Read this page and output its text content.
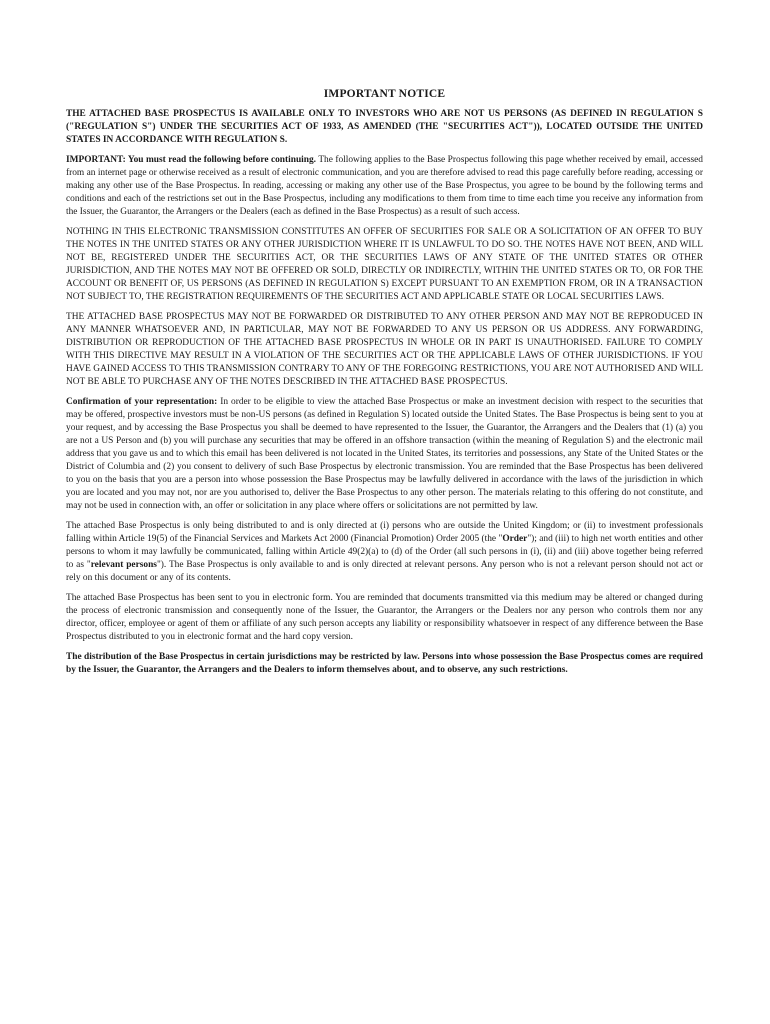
IMPORTANT NOTICE

THE ATTACHED BASE PROSPECTUS IS AVAILABLE ONLY TO INVESTORS WHO ARE NOT US PERSONS (AS DEFINED IN REGULATION S ("REGULATION S") UNDER THE SECURITIES ACT OF 1933, AS AMENDED (THE "SECURITIES ACT")), LOCATED OUTSIDE THE UNITED STATES IN ACCORDANCE WITH REGULATION S.

IMPORTANT: You must read the following before continuing. The following applies to the Base Prospectus following this page whether received by email, accessed from an internet page or otherwise received as a result of electronic communication, and you are therefore advised to read this page carefully before reading, accessing or making any other use of the Base Prospectus. In reading, accessing or making any other use of the Base Prospectus, you agree to be bound by the following terms and conditions and each of the restrictions set out in the Base Prospectus, including any modifications to them from time to time each time you receive any information from the Issuer, the Guarantor, the Arrangers or the Dealers (each as defined in the Base Prospectus) as a result of such access.

NOTHING IN THIS ELECTRONIC TRANSMISSION CONSTITUTES AN OFFER OF SECURITIES FOR SALE OR A SOLICITATION OF AN OFFER TO BUY THE NOTES IN THE UNITED STATES OR ANY OTHER JURISDICTION WHERE IT IS UNLAWFUL TO DO SO. THE NOTES HAVE NOT BEEN, AND WILL NOT BE, REGISTERED UNDER THE SECURITIES ACT, OR THE SECURITIES LAWS OF ANY STATE OF THE UNITED STATES OR OTHER JURISDICTION, AND THE NOTES MAY NOT BE OFFERED OR SOLD, DIRECTLY OR INDIRECTLY, WITHIN THE UNITED STATES OR TO, OR FOR THE ACCOUNT OR BENEFIT OF, US PERSONS (AS DEFINED IN REGULATION S) EXCEPT PURSUANT TO AN EXEMPTION FROM, OR IN A TRANSACTION NOT SUBJECT TO, THE REGISTRATION REQUIREMENTS OF THE SECURITIES ACT AND APPLICABLE STATE OR LOCAL SECURITIES LAWS.

THE ATTACHED BASE PROSPECTUS MAY NOT BE FORWARDED OR DISTRIBUTED TO ANY OTHER PERSON AND MAY NOT BE REPRODUCED IN ANY MANNER WHATSOEVER AND, IN PARTICULAR, MAY NOT BE FORWARDED TO ANY US PERSON OR US ADDRESS. ANY FORWARDING, DISTRIBUTION OR REPRODUCTION OF THE ATTACHED BASE PROSPECTUS IN WHOLE OR IN PART IS UNAUTHORISED. FAILURE TO COMPLY WITH THIS DIRECTIVE MAY RESULT IN A VIOLATION OF THE SECURITIES ACT OR THE APPLICABLE LAWS OF OTHER JURISDICTIONS. IF YOU HAVE GAINED ACCESS TO THIS TRANSMISSION CONTRARY TO ANY OF THE FOREGOING RESTRICTIONS, YOU ARE NOT AUTHORISED AND WILL NOT BE ABLE TO PURCHASE ANY OF THE NOTES DESCRIBED IN THE ATTACHED BASE PROSPECTUS.

Confirmation of your representation: In order to be eligible to view the attached Base Prospectus or make an investment decision with respect to the securities that may be offered, prospective investors must be non-US persons (as defined in Regulation S) located outside the United States. The Base Prospectus is being sent to you at your request, and by accessing the Base Prospectus you shall be deemed to have represented to the Issuer, the Guarantor, the Arrangers and the Dealers that (1) (a) you are not a US Person and (b) you will purchase any securities that may be offered in an offshore transaction (within the meaning of Regulation S) and the electronic mail address that you gave us and to which this email has been delivered is not located in the United States, its territories and possessions, any State of the United States or the District of Columbia and (2) you consent to delivery of such Base Prospectus by electronic transmission. You are reminded that the Base Prospectus has been delivered to you on the basis that you are a person into whose possession the Base Prospectus may be lawfully delivered in accordance with the laws of the jurisdiction in which you are located and you may not, nor are you authorised to, deliver the Base Prospectus to any other person. The materials relating to this offering do not constitute, and may not be used in connection with, an offer or solicitation in any place where offers or solicitations are not permitted by law.

The attached Base Prospectus is only being distributed to and is only directed at (i) persons who are outside the United Kingdom; or (ii) to investment professionals falling within Article 19(5) of the Financial Services and Markets Act 2000 (Financial Promotion) Order 2005 (the "Order"); and (iii) to high net worth entities and other persons to whom it may lawfully be communicated, falling within Article 49(2)(a) to (d) of the Order (all such persons in (i), (ii) and (iii) above together being referred to as "relevant persons"). The Base Prospectus is only available to and is only directed at relevant persons. Any person who is not a relevant person should not act or rely on this document or any of its contents.

The attached Base Prospectus has been sent to you in electronic form. You are reminded that documents transmitted via this medium may be altered or changed during the process of electronic transmission and consequently none of the Issuer, the Guarantor, the Arrangers or the Dealers nor any person who controls them nor any director, officer, employee or agent of them or affiliate of any such person accepts any liability or responsibility whatsoever in respect of any difference between the Base Prospectus distributed to you in electronic format and the hard copy version.

The distribution of the Base Prospectus in certain jurisdictions may be restricted by law. Persons into whose possession the Base Prospectus comes are required by the Issuer, the Guarantor, the Arrangers and the Dealers to inform themselves about, and to observe, any such restrictions.
